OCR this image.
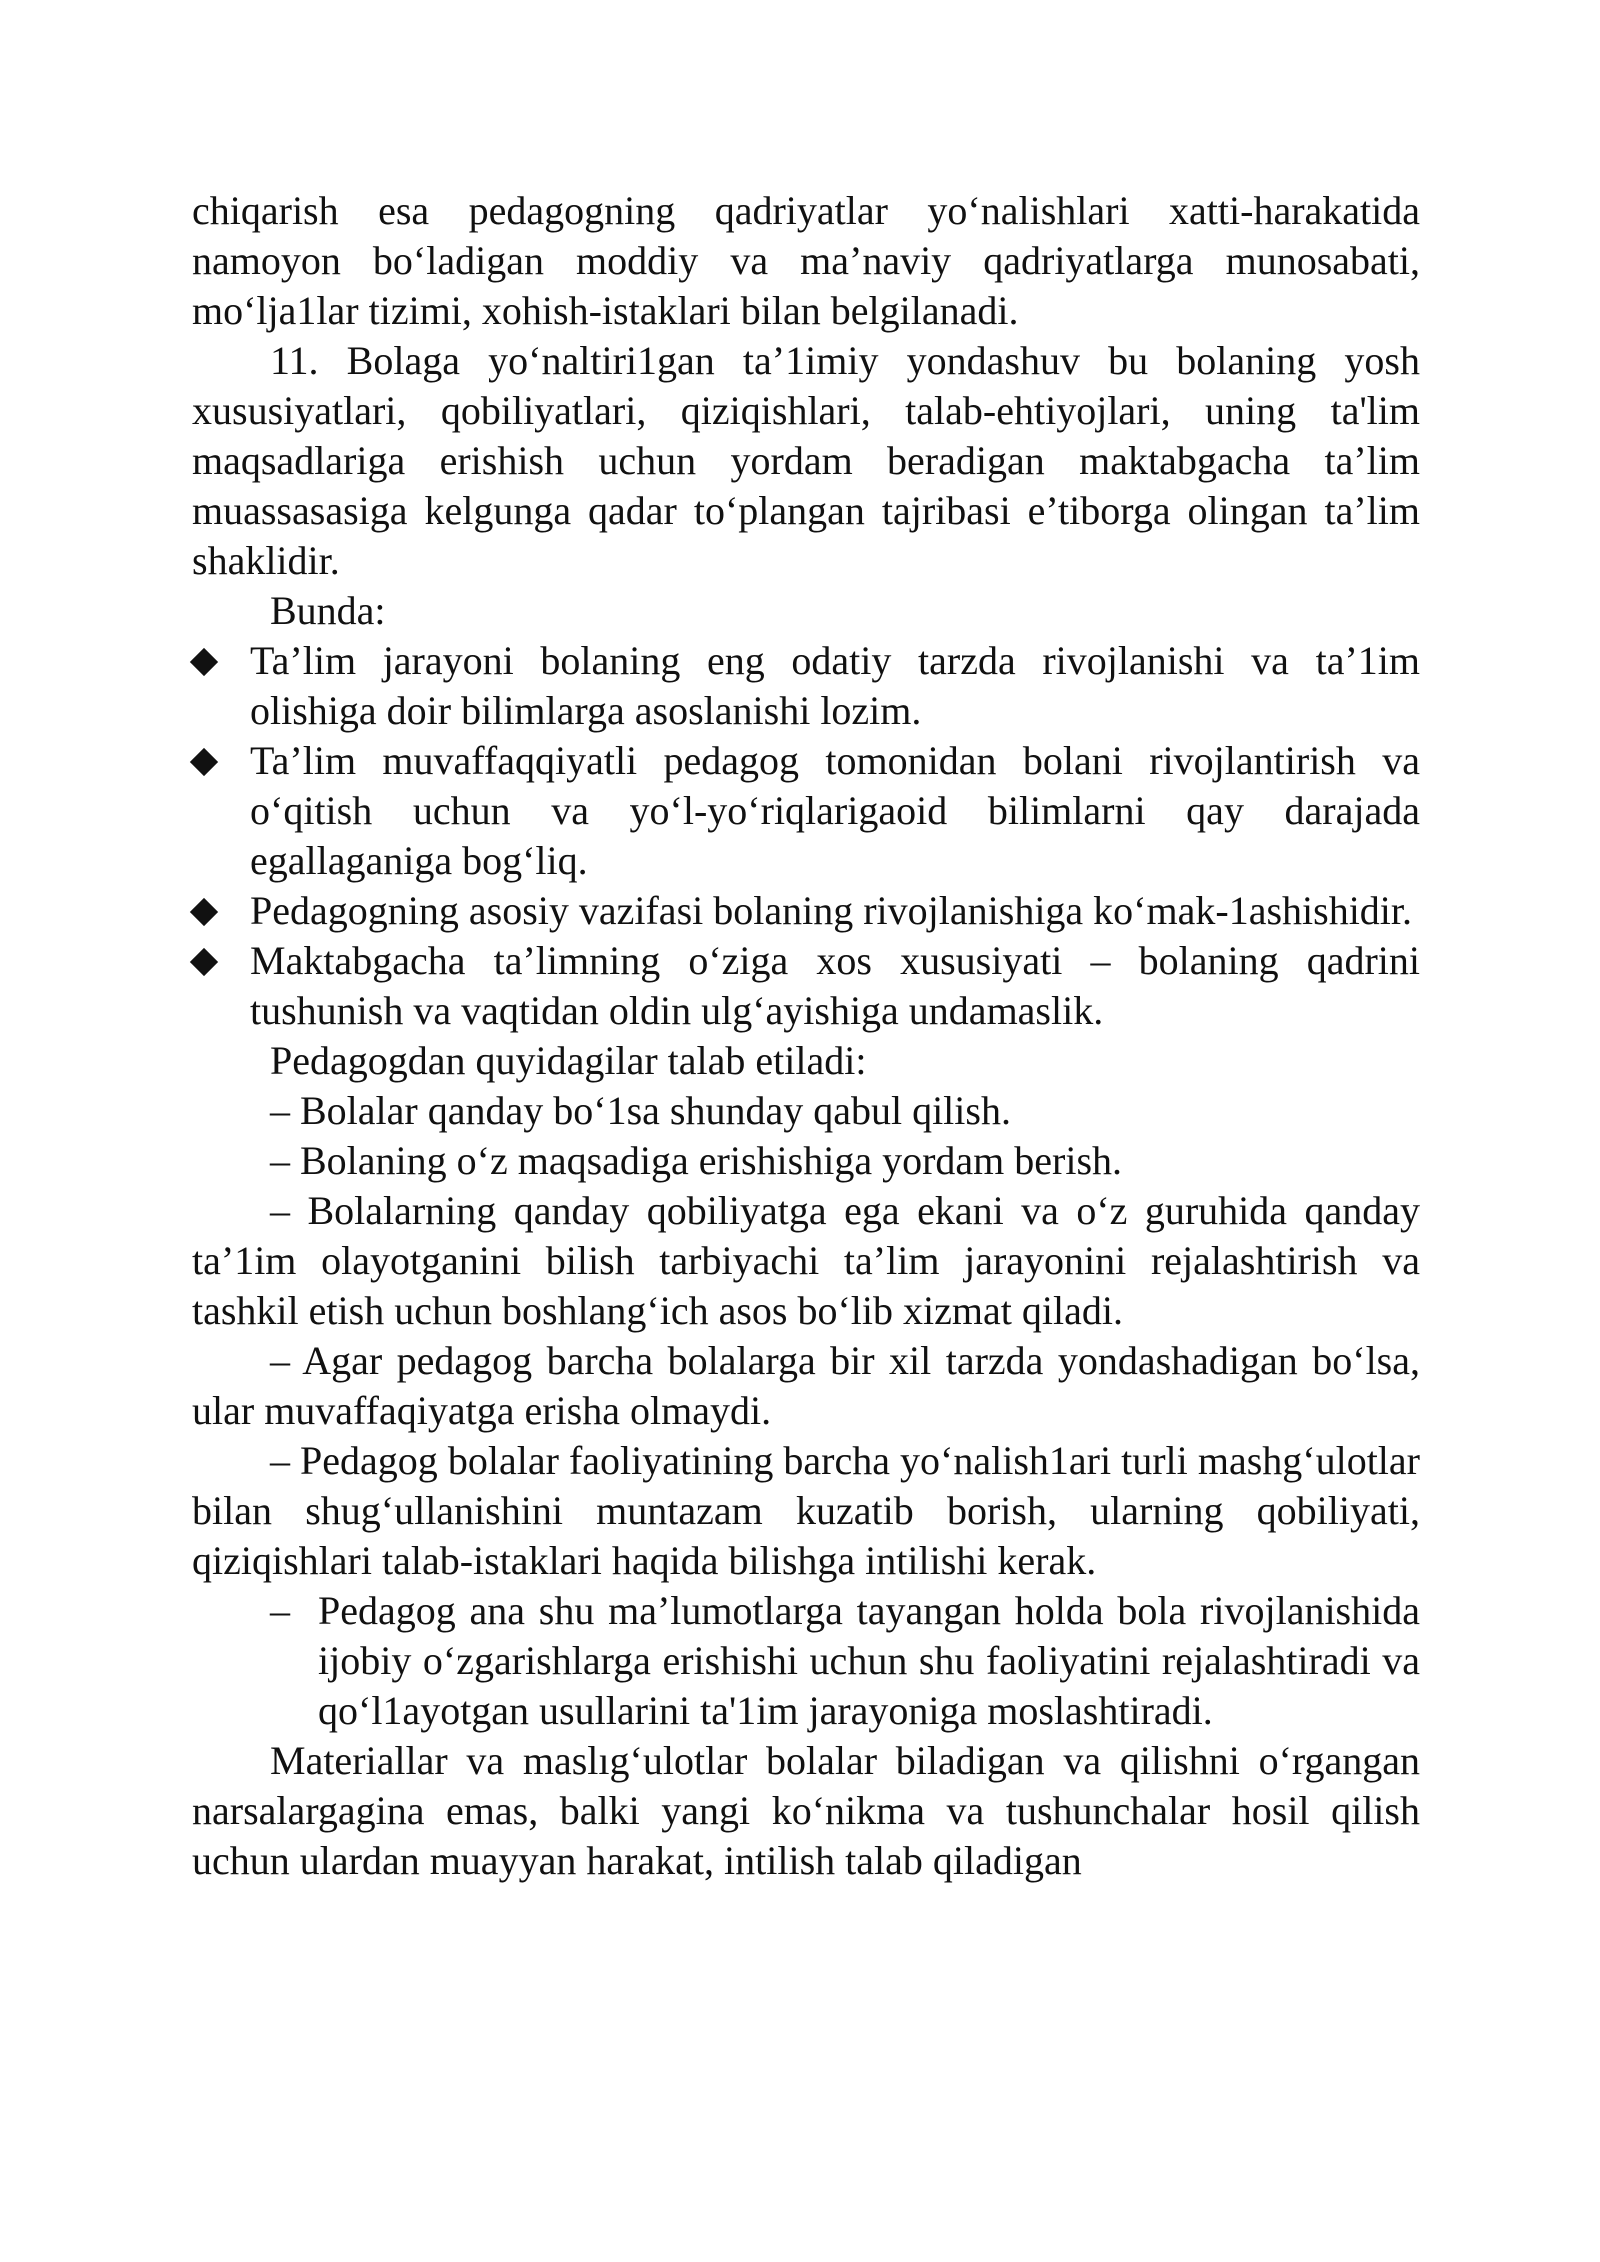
chiqarish esa pedagogning qadriyatlar yo‘nalishlari xatti-harakatida namoyon bo‘ladigan moddiy va ma’naviy qadriyatlarga munosabati, mo‘lja1lar tizimi, xohish-istaklari bilan belgilanadi.

11. Bolaga yo‘naltiri1gan ta’1imiy yondashuv bu bolaning yosh xususiyatlari, qobiliyatlari, qiziqishlari, talab-ehtiyojlari, uning ta'lim maqsadlariga erishish uchun yordam beradigan maktabgacha ta’lim muassasasiga kelgunga qadar to‘plangan tajribasi e’tiborga olingan ta’lim shaklidir.

Bunda:

Ta’lim jarayoni bolaning eng odatiy tarzda rivojlanishi va ta’1im olishiga doir bilimlarga asoslanishi lozim.
Ta’lim muvaffaqqiyatli pedagog tomonidan bolani rivojlantirish va o‘qitish uchun va yo‘l-yo‘riqlarigaoid bilimlarni qay darajada egallaganiga bog‘liq.
Pedagogning asosiy vazifasi bolaning rivojlanishiga ko‘mak-1ashishidir.
Maktabgacha ta’limning o‘ziga xos xususiyati – bolaning qadrini tushunish va vaqtidan oldin ulg‘ayishiga undamaslik.

Pedagogdan quyidagilar talab etiladi:

– Bolalar qanday bo‘1sa shunday qabul qilish.

– Bolaning o‘z maqsadiga erishishiga yordam berish.

– Bolalarning qanday qobiliyatga ega ekani va o‘z guruhida qanday ta’1im olayotganini bilish tarbiyachi ta’lim jarayonini rejalashtirish va tashkil etish uchun boshlang‘ich asos bo‘lib xizmat qiladi.

– Agar pedagog barcha bolalarga bir xil tarzda yondashadigan bo‘lsa, ular muvaffaqiyatga erisha olmaydi.

– Pedagog bolalar faoliyatining barcha yo‘nalish1ari turli mashg‘ulotlar bilan shug‘ullanishini muntazam kuzatib borish, ularning qobiliyati, qiziqishlari talab-istaklari haqida bilishga intilishi kerak.

– Pedagog ana shu ma’lumotlarga tayangan holda bola rivojlanishida ijobiy o‘zgarishlarga erishishi uchun shu faoliyatini rejalashtiradi va qo‘l1ayotgan usullarini ta'1im jarayoniga moslashtiradi.

Materiallar va maslıg‘ulotlar bolalar biladigan va qilishni o‘rgangan narsalargagina emas, balki yangi ko‘nikma va tushunchalar hosil qilish uchun ulardan muayyan harakat, intilish talab qiladigan
